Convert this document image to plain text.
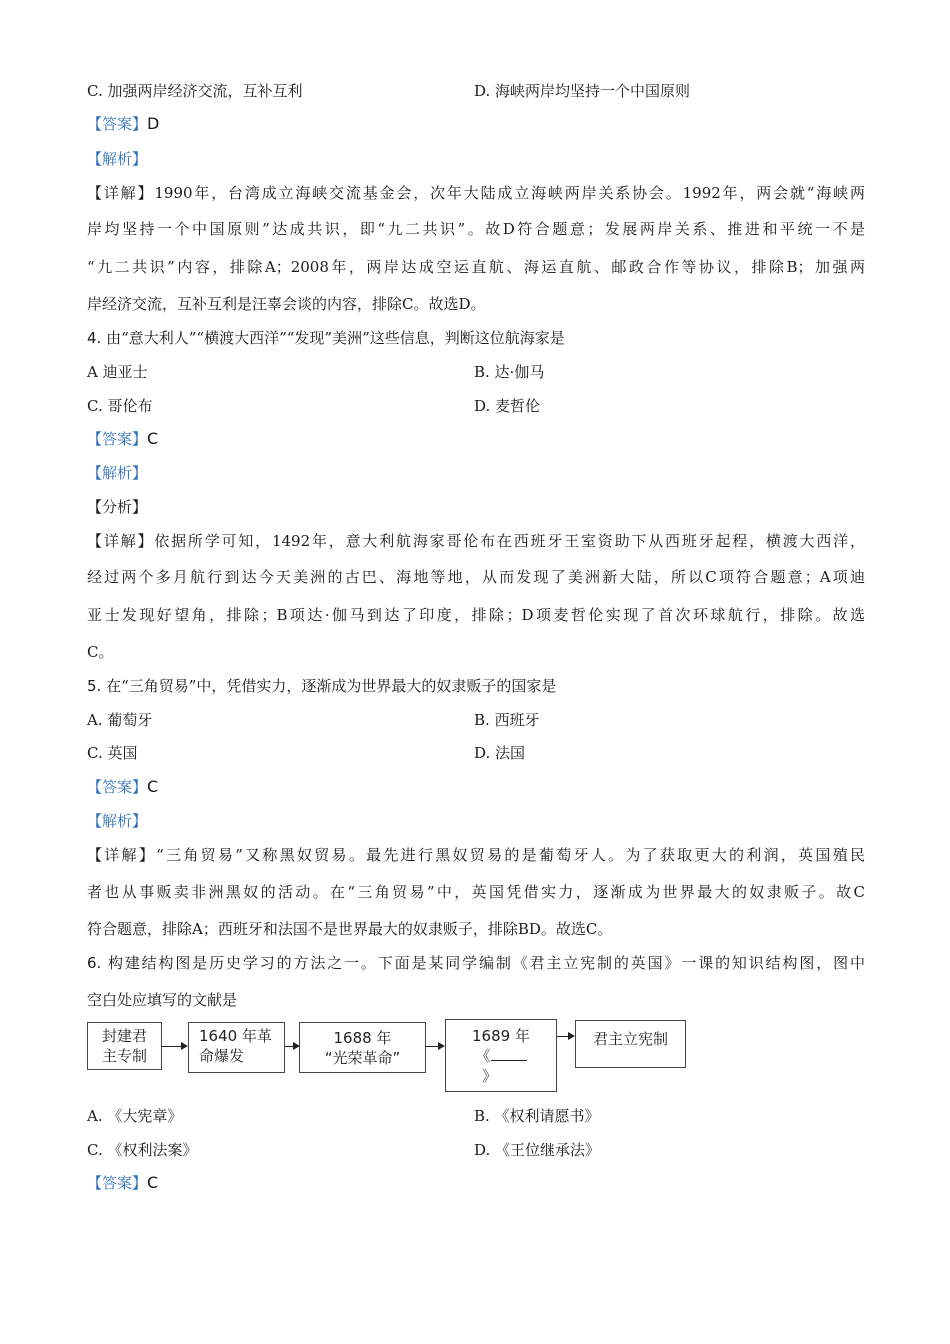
C. 加强两岸经济交流，互补互利	D. 海峡两岸均坚持一个中国原则
【答案】D
【解析】
【详解】1990年，台湾成立海峡交流基金会，次年大陆成立海峡两岸关系协会。1992年，两会就“海峡两
岸均坚持一个中国原则”达成共识，即“九二共识”。故D符合题意；发展两岸关系、推进和平统一不是
“九二共识”内容，排除A；2008年，两岸达成空运直航、海运直航、邮政合作等协议，排除B；加强两
岸经济交流，互补互利是汪辜会谈的内容，排除C。故选D。
4. 由“意大利人”“横渡大西洋”“发现”美洲”这些信息，判断这位航海家是
A 迪亚士	B. 达·伽马
C. 哥伦布	D. 麦哲伦
【答案】C
【解析】
【分析】
【详解】依据所学可知，1492年，意大利航海家哥伦布在西班牙王室资助下从西班牙起程，横渡大西洋，
经过两个多月航行到达今天美洲的古巴、海地等地，从而发现了美洲新大陆，所以C项符合题意；A项迪
亚士发现好望角，排除；B项达·伽马到达了印度，排除；D项麦哲伦实现了首次环球航行，排除。故选
C。
5. 在“三角贸易”中，凭借实力，逐渐成为世界最大的奴隶贩子的国家是
A. 葡萄牙	B. 西班牙
C. 英国	D. 法国
【答案】C
【解析】
【详解】“三角贸易”又称黑奴贸易。最先进行黑奴贸易的是葡萄牙人。为了获取更大的利润，英国殖民
者也从事贩卖非洲黑奴的活动。在“三角贸易”中，英国凭借实力，逐渐成为世界最大的奴隶贩子。故C
符合题意，排除A；西班牙和法国不是世界最大的奴隶贩子，排除BD。故选C。
6. 构建结构图是历史学习的方法之一。下面是某同学编制《君主立宪制的英国》一课的知识结构图，图中
空白处应填写的文献是
封建君
主专制
1640 年革
命爆发
1688 年
“光荣革命”
1689 年
《
》
君主立宪制
A. 《大宪章》	B. 《权利请愿书》
C. 《权利法案》	D. 《王位继承法》
【答案】C
